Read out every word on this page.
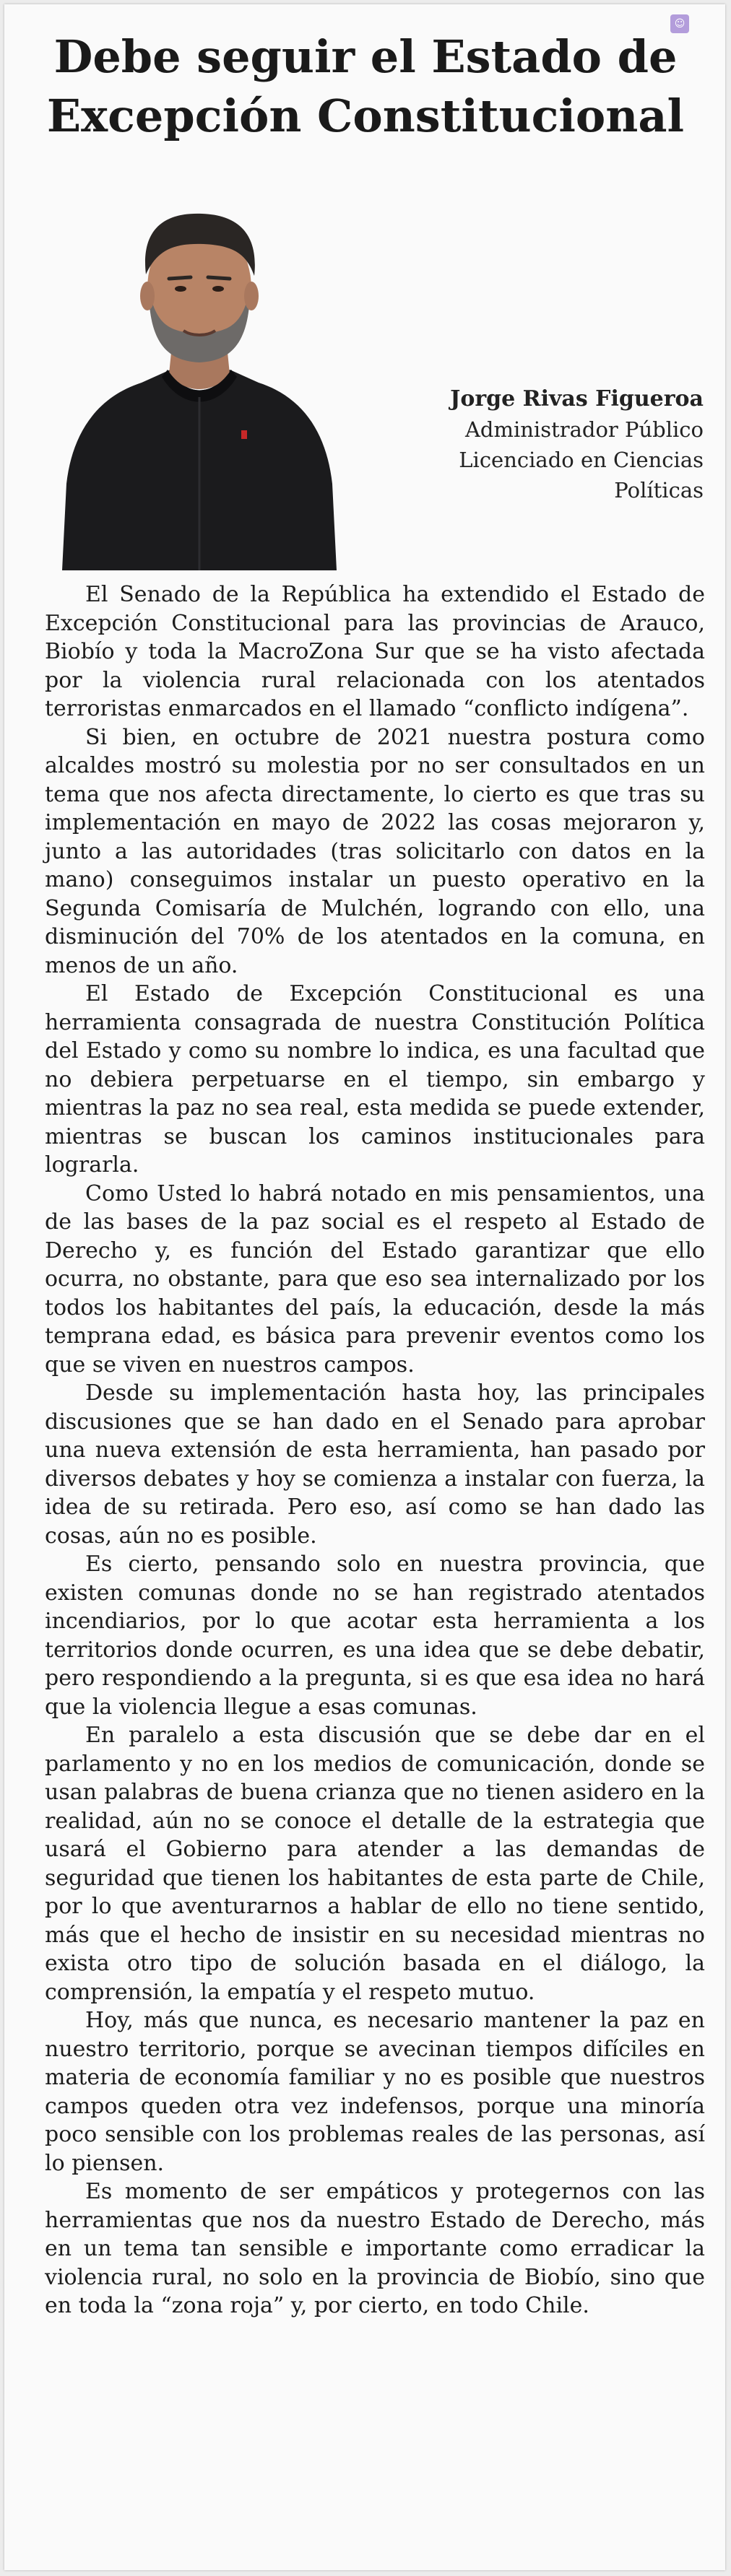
☺
Debe seguir el Estado de
Excepción Constitucional
Jorge Rivas Figueroa
Administrador Público
Licenciado en Ciencias
Políticas

El Senado de la República ha extendido el Estado de Excepción Constitucional para las provincias de Arauco, Biobío y toda la MacroZona Sur que se ha visto afectada por la violencia rural relacionada con los atentados terroristas enmarcados en el llamado “conflicto indígena”.

Si bien, en octubre de 2021 nuestra postura como alcaldes mostró su molestia por no ser consultados en un tema que nos afecta directamente, lo cierto es que tras su implementación en mayo de 2022 las cosas mejoraron y, junto a las autoridades (tras solicitarlo con datos en la mano) conseguimos instalar un puesto operativo en la Segunda Comisaría de Mulchén, logrando con ello, una disminución del 70% de los atentados en la comuna, en menos de un año.

El Estado de Excepción Constitucional es una herramienta consagrada de nuestra Constitución Política del Estado y como su nombre lo indica, es una facultad que no debiera perpetuarse en el tiempo, sin embargo y mientras la paz no sea real, esta medida se puede extender, mientras se buscan los caminos institucionales para lograrla.

Como Usted lo habrá notado en mis pensamientos, una de las bases de la paz social es el respeto al Estado de Derecho y, es función del Estado garantizar que ello ocurra, no obstante, para que eso sea internalizado por los todos los habitantes del país, la educación, desde la más temprana edad, es básica para prevenir eventos como los que se viven en nuestros campos.

Desde su implementación hasta hoy, las principales discusiones que se han dado en el Senado para aprobar una nueva extensión de esta herramienta, han pasado por diversos debates y hoy se comienza a instalar con fuerza, la idea de su retirada. Pero eso, así como se han dado las cosas, aún no es posible.

Es cierto, pensando solo en nuestra provincia, que existen comunas donde no se han registrado atentados incendiarios, por lo que acotar esta herramienta a los territorios donde ocurren, es una idea que se debe debatir, pero respondiendo a la pregunta, si es que esa idea no hará que la violencia llegue a esas comunas.

En paralelo a esta discusión que se debe dar en el parlamento y no en los medios de comunicación, donde se usan palabras de buena crianza que no tienen asidero en la realidad, aún no se conoce el detalle de la estrategia que usará el Gobierno para atender a las demandas de seguridad que tienen los habitantes de esta parte de Chile, por lo que aventurarnos a hablar de ello no tiene sentido, más que el hecho de insistir en su necesidad mientras no exista otro tipo de solución basada en el diálogo, la comprensión, la empatía y el respeto mutuo.

Hoy, más que nunca, es necesario mantener la paz en nuestro territorio, porque se avecinan tiempos difíciles en materia de economía familiar y no es posible que nuestros campos queden otra vez indefensos, porque una minoría poco sensible con los problemas reales de las personas, así lo piensen.

Es momento de ser empáticos y protegernos con las herramientas que nos da nuestro Estado de Derecho, más en un tema tan sensible e importante como erradicar la violencia rural, no solo en la provincia de Biobío, sino que en toda la “zona roja” y, por cierto, en todo Chile.
